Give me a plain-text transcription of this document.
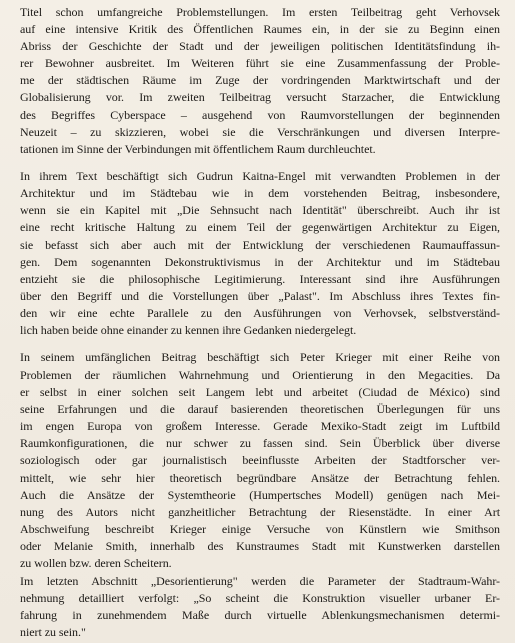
Titel schon umfangreiche Problemstellungen. Im ersten Teilbeitrag geht Verhovsek
auf eine intensive Kritik des Öffentlichen Raumes ein, in der sie zu Beginn einen
Abriss der Geschichte der Stadt und der jeweiligen politischen Identitätsfindung ih-
rer Bewohner ausbreitet. Im Weiteren führt sie eine Zusammenfassung der Proble-
me der städtischen Räume im Zuge der vordringenden Marktwirtschaft und der
Globalisierung vor. Im zweiten Teilbeitrag versucht Starzacher, die Entwicklung
des Begriffes Cyberspace – ausgehend von Raumvorstellungen der beginnenden
Neuzeit – zu skizzieren, wobei sie die Verschränkungen und diversen Interpre-
tationen im Sinne der Verbindungen mit öffentlichem Raum durchleuchtet.
In ihrem Text beschäftigt sich Gudrun Kaitna-Engel mit verwandten Problemen in der
Architektur und im Städtebau wie in dem vorstehenden Beitrag, insbesondere,
wenn sie ein Kapitel mit „Die Sehnsucht nach Identität" überschreibt. Auch ihr ist
eine recht kritische Haltung zu einem Teil der gegenwärtigen Architektur zu Eigen,
sie befasst sich aber auch mit der Entwicklung der verschiedenen Raumauffassun-
gen. Dem sogenannten Dekonstruktivismus in der Architektur und im Städtebau
entzieht sie die philosophische Legitimierung. Interessant sind ihre Ausführungen
über den Begriff und die Vorstellungen über „Palast". Im Abschluss ihres Textes fin-
den wir eine echte Parallele zu den Ausführungen von Verhovsek, selbstverständ-
lich haben beide ohne einander zu kennen ihre Gedanken niedergelegt.
In seinem umfänglichen Beitrag beschäftigt sich Peter Krieger mit einer Reihe von
Problemen der räumlichen Wahrnehmung und Orientierung in den Megacities. Da
er selbst in einer solchen seit Langem lebt und arbeitet (Ciudad de México) sind
seine Erfahrungen und die darauf basierenden theoretischen Überlegungen für uns
im engen Europa von großem Interesse. Gerade Mexiko-Stadt zeigt im Luftbild
Raumkonfigurationen, die nur schwer zu fassen sind. Sein Überblick über diverse
soziologisch oder gar journalistisch beeinflusste Arbeiten der Stadtforscher ver-
mittelt, wie sehr hier theoretisch begründbare Ansätze der Betrachtung fehlen.
Auch die Ansätze der Systemtheorie (Humpertsches Modell) genügen nach Mei-
nung des Autors nicht ganzheitlicher Betrachtung der Riesenstädte. In einer Art
Abschweifung beschreibt Krieger einige Versuche von Künstlern wie Smithson
oder Melanie Smith, innerhalb des Kunstraumes Stadt mit Kunstwerken darstellen
zu wollen bzw. deren Scheitern.
Im letzten Abschnitt „Desorientierung" werden die Parameter der Stadtraum-Wahr-
nehmung detailliert verfolgt: „So scheint die Konstruktion visueller urbaner Er-
fahrung in zunehmendem Maße durch virtuelle Ablenkungsmechanismen determi-
niert zu sein."
